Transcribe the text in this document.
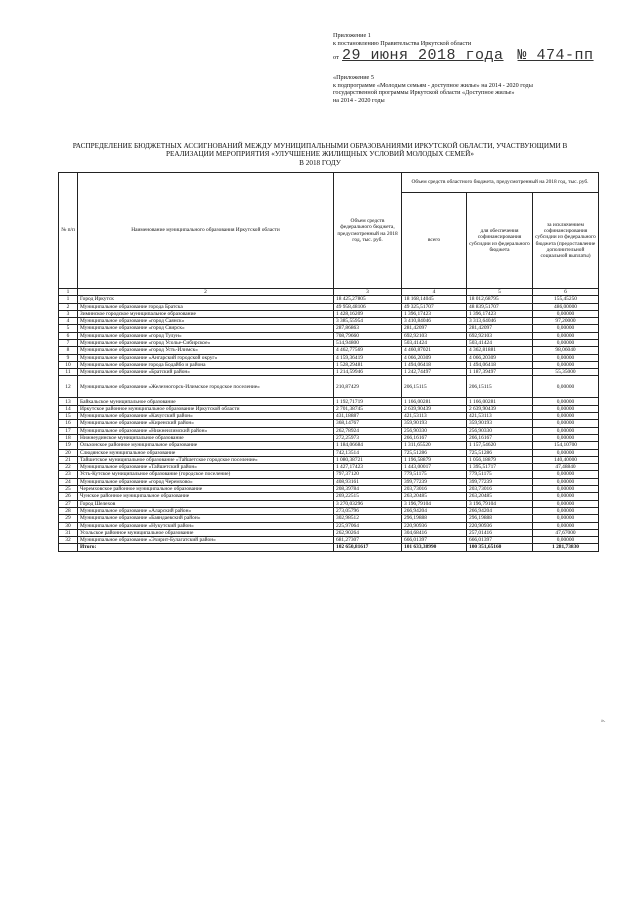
Приложение 1
к постановлению Правительства Иркутской области
от 29 июня 2018 года № 474-пп
«Приложение 5
к подпрограмме «Молодым семьям - доступное жилье» на 2014 - 2020 годы
государственной программы Иркутской области «Доступное жилье»
на 2014 - 2020 годы
РАСПРЕДЕЛЕНИЕ БЮДЖЕТНЫХ АССИГНОВАНИЙ МЕЖДУ МУНИЦИПАЛЬНЫМИ ОБРАЗОВАНИЯМИ ИРКУТСКОЙ ОБЛАСТИ, УЧАСТВУЮЩИМИ В
РЕАЛИЗАЦИИ МЕРОПРИЯТИЯ «УЛУЧШЕНИЕ ЖИЛИЩНЫХ УСЛОВИЙ МОЛОДЫХ СЕМЕЙ»
В 2018 ГОДУ
№ п/п	Наименование муниципального образования Иркутской области	Объем средств федерального бюджета, предусмотренный на 2018 год, тыс. руб.	Объем средств областного бюджета, предусмотренный на 2018 год, тыс. руб.		
			всего	для обеспечения софинансирования субсидии из федерального бюджета	за исключением софинансирования субсидии из федерального бюджета (предоставление дополнительной социальной выплаты)
1	2	3	4	5	6
1	Город Иркутск	18 425,27805	18 168,14045	18 012,68795	155,45250
2	Муниципальное образование города Братска	49 958,48106	49 325,51707	48 839,51707	486,00000
3	Зиминское городское муниципальное образование	1 428,16209	1 396,17423	1 396,17423	0,00000
4	Муниципальное образование «город Саянск»	3 385,55954	3 410,84046	3 313,64046	97,20000
5	Муниципальное образование «город Свирск»	287,86863	281,42097	281,42097	0,00000
6	Муниципальное образование «город Тулун»	708,79660	692,92103	692,92103	0,00000
7	Муниципальное образование «город Усолье-Сибирское»	514,94800	503,41424	503,41424	0,00000
8	Муниципальное образование «город Усть-Илимск»	4 462,77569	4 460,87021	4 362,81881	98,06040
9	Муниципальное образование «Ангарский городской округ»	4 159,36419	4 066,20309	4 066,20309	0,00000
10	Муниципальное образование города Бодайбо и района	1 528,29481	1 494,06418	1 494,06418	0,00000
11	Муниципальное образование «Братский район»	1 214,59946	1 242,74497	1 187,39497	55,35000
12	Муниципальное образование «Железногорск-Илимское городское поселение»	210,87429	206,15115	206,15115	0,00000
13	Байкальское муниципальное образование	1 192,71719	1 166,00281	1 166,00281	0,00000
14	Иркутское районное муниципальное образование Иркутской области	2 701,38745	2 639,90439	2 639,90439	0,00000
15	Муниципальное образование «Качугский район»	431,18887	421,53113	421,53113	0,00000
16	Муниципальное образование «Киренский район»	368,14767	359,90193	359,90193	0,00000
17	Муниципальное образование «Нижнеилимский район»	262,78924	256,90330	256,90330	0,00000
18	Нижнеудинское муниципальное образование	272,25973	266,16167	266,16167	0,00000
19	Ольхонское районное муниципальное образование	1 184,06684	1 311,65520	1 157,54620	154,10700
20	Слюдянское муниципальное образование	742,13514	725,51286	725,51286	0,00000
21	Тайшетское муниципальное образование «Тайшетское городское поселение»	1 080,38721	1 196,58879	1 056,18879	140,40000
22	Муниципальное образование «Тайшетский район»	1 427,17423	1 443,00017	1 395,51717	47,48840
23	Усть-Кутское муниципальное образование (городское поселение)	797,37120	779,51175	779,51175	0,00000
24	Муниципальное образование «город Черемхово»	408,93161	399,77239	399,77239	0,00000
25	Черемховское районное муниципальное образование	208,39784	203,73016	203,73016	0,00000
26	Чунское районное муниципальное образование	269,22515	263,20485	263,20485	0,00000
27	Город Шелехов	3 270,03296	3 196,79104	3 196,79104	0,00000
28	Муниципальное образование «Аларский район»	273,05796	266,94204	266,94204	0,00000
29	Муниципальное образование «Баяндаевский район»	302,98512	296,19888	296,19888	0,00000
30	Муниципальное образование «Нукутский район»	225,97064	220,90936	220,90936	0,00000
31	Усольское районное муниципальное образование	262,90264	304,68416	257,01416	47,67000
32	Муниципальное образование «Эхирит-Булагатский район»	681,27307	666,01397	666,01397	0,00000
	Итого:	102 650,81617	101 633,38990	100 351,65160	1 281,73830
».
